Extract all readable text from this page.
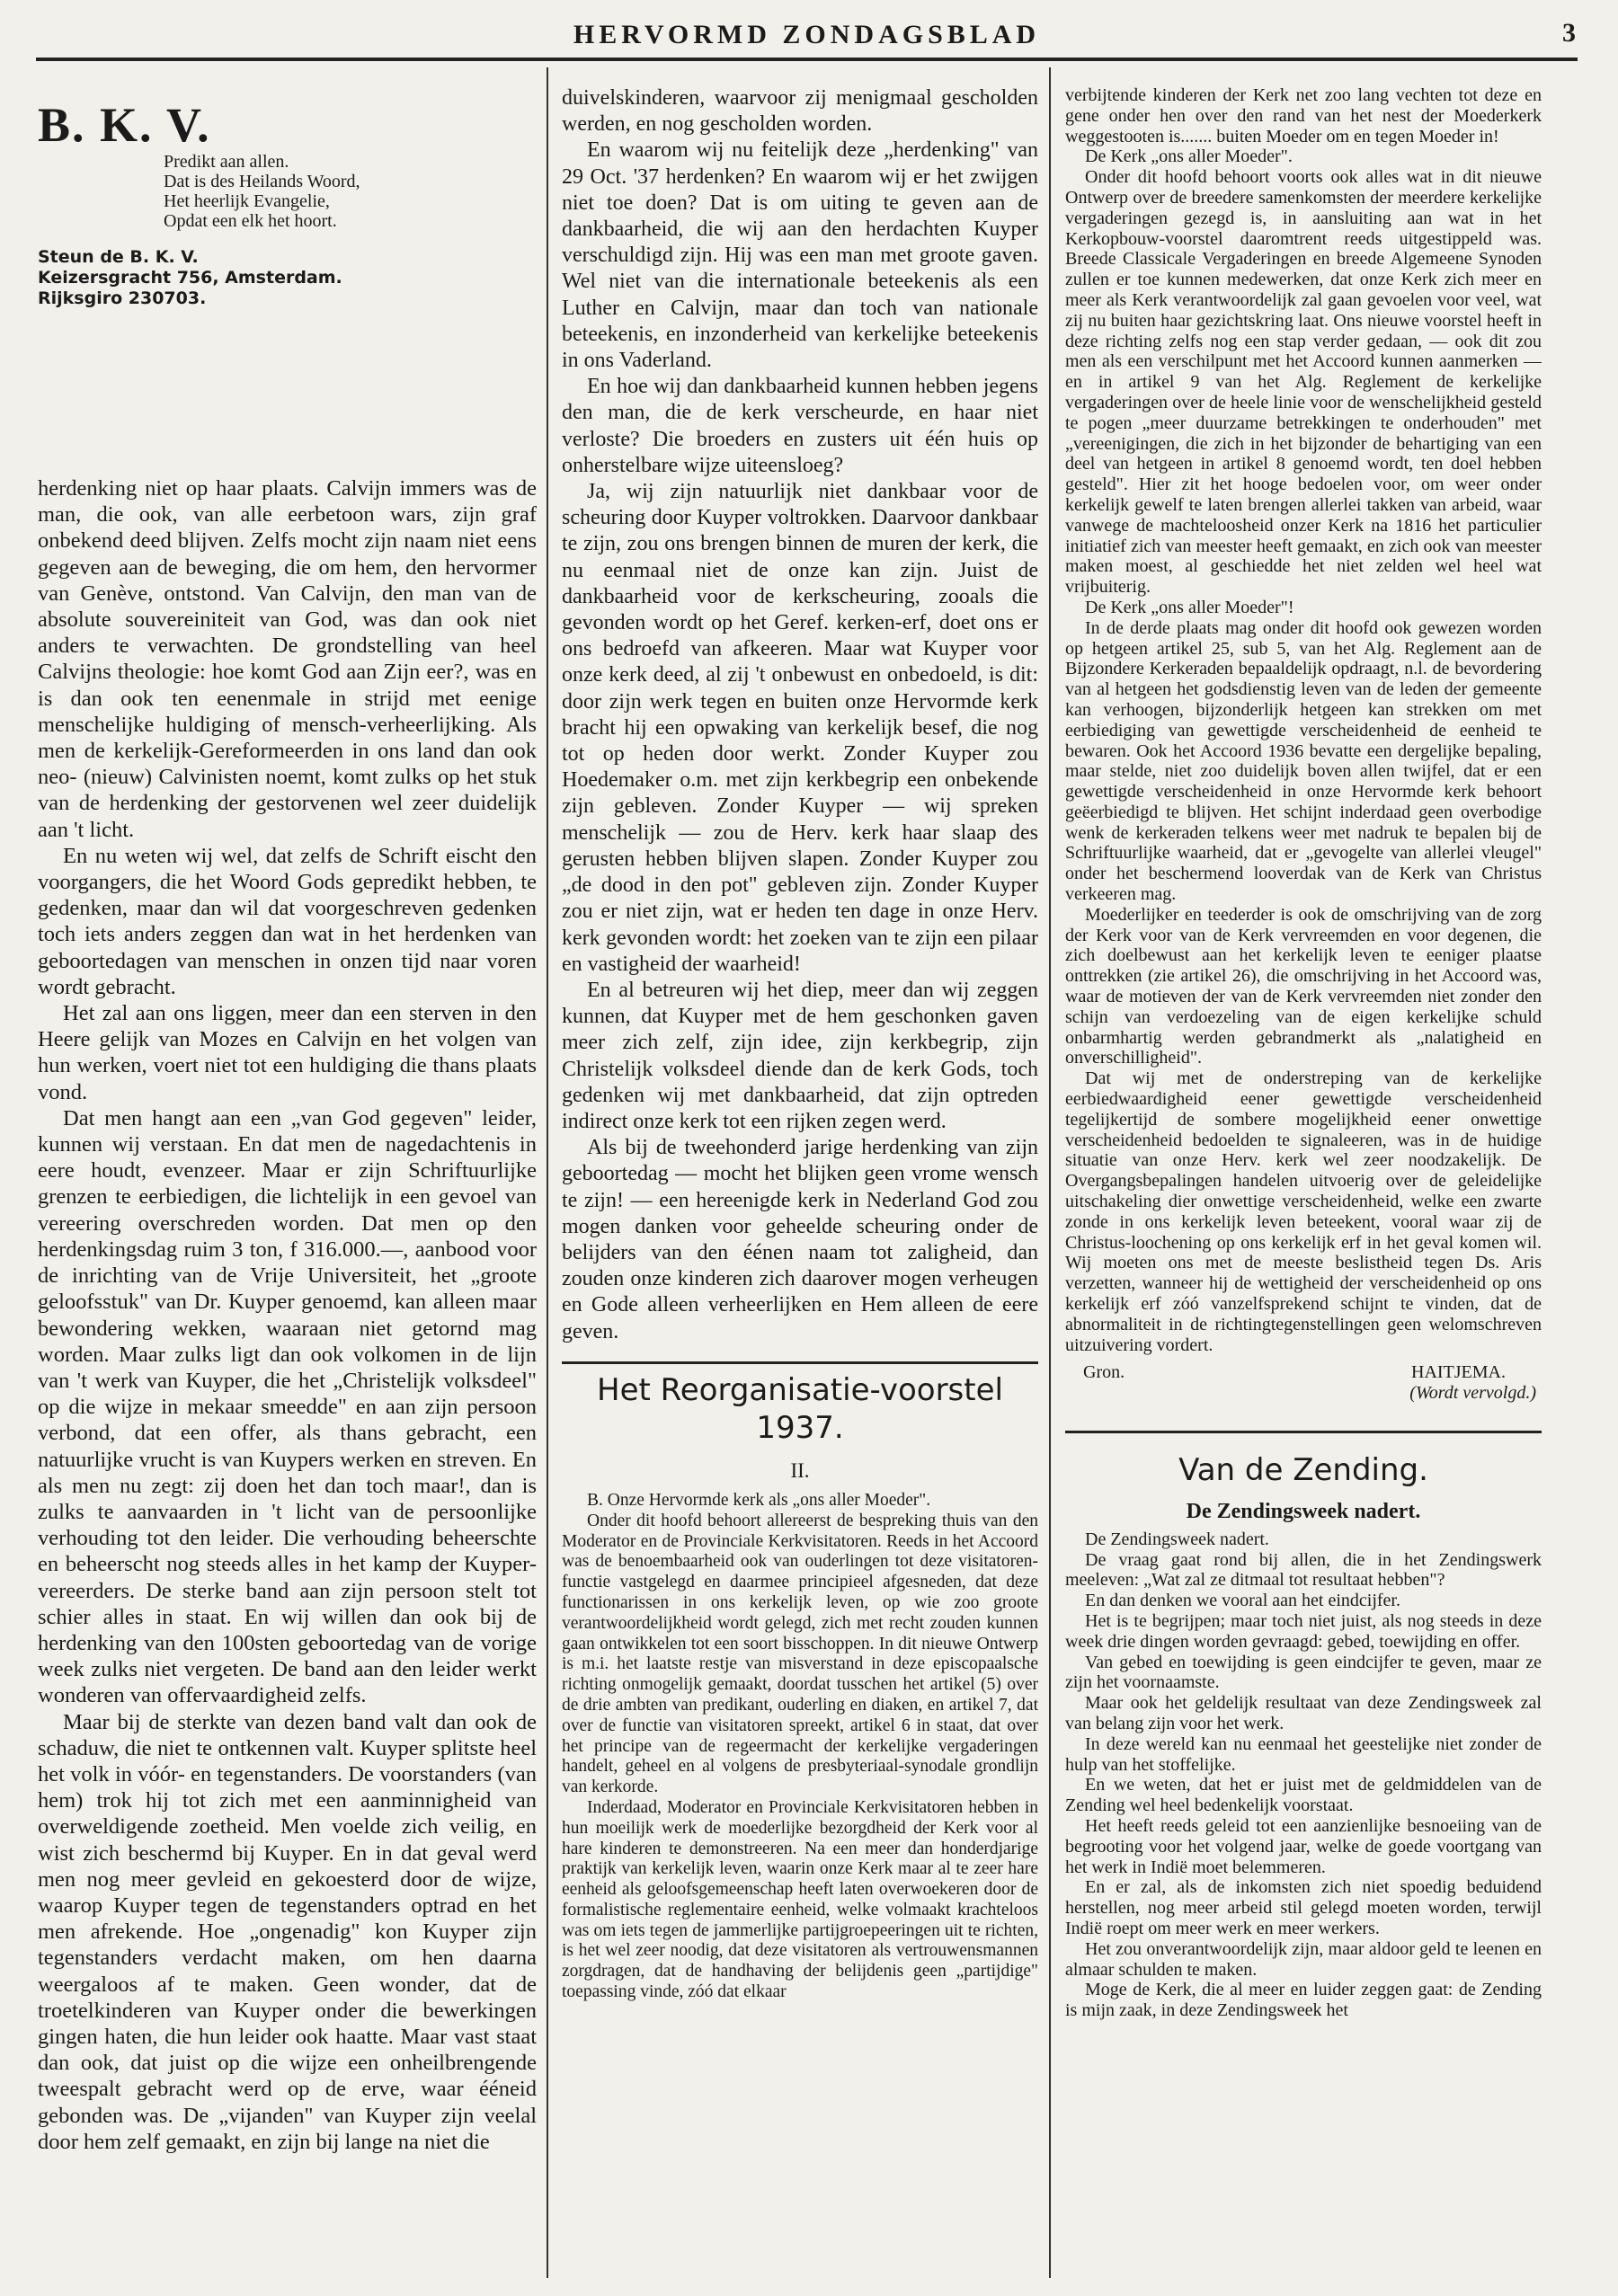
HERVORMD ZONDAGSBLAD	3
B. K. V.
Predikt aan allen.
Dat is des Heilands Woord,
Het heerlijk Evangelie,
Opdat een elk het hoort.
Steun de B. K. V.
Keizersgracht 756, Amsterdam.
Rijksgiro 230703.

herdenking niet op haar plaats. Calvijn immers was de man, die ook, van alle eerbetoon wars, zijn graf onbekend deed blijven. Zelfs mocht zijn naam niet eens gegeven aan de beweging, die om hem, den hervormer van Genève, ontstond. Van Calvijn, den man van de absolute souvereiniteit van God, was dan ook niet anders te verwachten. De grondstelling van heel Calvijns theologie: hoe komt God aan Zijn eer?, was en is dan ook ten eenenmale in strijd met eenige menschelijke huldiging of mensch-verheerlijking. Als men de kerkelijk-Gereformeerden in ons land dan ook neo- (nieuw) Calvinisten noemt, komt zulks op het stuk van de herdenking der gestorvenen wel zeer duidelijk aan 't licht.

En nu weten wij wel, dat zelfs de Schrift eischt den voorgangers, die het Woord Gods gepredikt hebben, te gedenken, maar dan wil dat voorgeschreven gedenken toch iets anders zeggen dan wat in het herdenken van geboortedagen van menschen in onzen tijd naar voren wordt gebracht.

Het zal aan ons liggen, meer dan een sterven in den Heere gelijk van Mozes en Calvijn en het volgen van hun werken, voert niet tot een huldiging die thans plaats vond.

Dat men hangt aan een „van God gegeven" leider, kunnen wij verstaan. En dat men de nagedachtenis in eere houdt, evenzeer. Maar er zijn Schriftuurlijke grenzen te eerbiedigen, die lichtelijk in een gevoel van vereering overschreden worden. Dat men op den herdenkingsdag ruim 3 ton, f 316.000.—, aanbood voor de inrichting van de Vrije Universiteit, het „groote geloofsstuk" van Dr. Kuyper genoemd, kan alleen maar bewondering wekken, waaraan niet getornd mag worden. Maar zulks ligt dan ook volkomen in de lijn van 't werk van Kuyper, die het „Christelijk volksdeel" op die wijze in mekaar smeedde" en aan zijn persoon verbond, dat een offer, als thans gebracht, een natuurlijke vrucht is van Kuypers werken en streven. En als men nu zegt: zij doen het dan toch maar!, dan is zulks te aanvaarden in 't licht van de persoonlijke verhouding tot den leider. Die verhouding beheerschte en beheerscht nog steeds alles in het kamp der Kuyper-vereerders. De sterke band aan zijn persoon stelt tot schier alles in staat. En wij willen dan ook bij de herdenking van den 100sten geboortedag van de vorige week zulks niet vergeten. De band aan den leider werkt wonderen van offervaardigheid zelfs.

Maar bij de sterkte van dezen band valt dan ook de schaduw, die niet te ontkennen valt. Kuyper splitste heel het volk in vóór- en tegenstanders. De voorstanders (van hem) trok hij tot zich met een aanminnigheid van overweldigende zoetheid. Men voelde zich veilig, en wist zich beschermd bij Kuyper. En in dat geval werd men nog meer gevleid en gekoesterd door de wijze, waarop Kuyper tegen de tegenstanders optrad en het men afrekende. Hoe „ongenadig" kon Kuyper zijn tegenstanders verdacht maken, om hen daarna weergaloos af te maken. Geen wonder, dat de troetelkinderen van Kuyper onder die bewerkingen gingen haten, die hun leider ook haatte. Maar vast staat dan ook, dat juist op die wijze een onheilbrengende tweespalt gebracht werd op de erve, waar ééneid gebonden was. De „vijanden" van Kuyper zijn veelal door hem zelf gemaakt, en zijn bij lange na niet die

duivelskinderen, waarvoor zij menigmaal gescholden werden, en nog gescholden worden.

En waarom wij nu feitelijk deze „herdenking" van 29 Oct. '37 herdenken? En waarom wij er het zwijgen niet toe doen? Dat is om uiting te geven aan de dankbaarheid, die wij aan den herdachten Kuyper verschuldigd zijn. Hij was een man met groote gaven. Wel niet van die internationale beteekenis als een Luther en Calvijn, maar dan toch van nationale beteekenis, en inzonderheid van kerkelijke beteekenis in ons Vaderland.

En hoe wij dan dankbaarheid kunnen hebben jegens den man, die de kerk verscheurde, en haar niet verloste? Die broeders en zusters uit één huis op onherstelbare wijze uiteensloeg?

Ja, wij zijn natuurlijk niet dankbaar voor de scheuring door Kuyper voltrokken. Daarvoor dankbaar te zijn, zou ons brengen binnen de muren der kerk, die nu eenmaal niet de onze kan zijn. Juist de dankbaarheid voor de kerkscheuring, zooals die gevonden wordt op het Geref. kerken-erf, doet ons er ons bedroefd van afkeeren. Maar wat Kuyper voor onze kerk deed, al zij 't onbewust en onbedoeld, is dit: door zijn werk tegen en buiten onze Hervormde kerk bracht hij een opwaking van kerkelijk besef, die nog tot op heden door werkt. Zonder Kuyper zou Hoedemaker o.m. met zijn kerkbegrip een onbekende zijn gebleven. Zonder Kuyper — wij spreken menschelijk — zou de Herv. kerk haar slaap des gerusten hebben blijven slapen. Zonder Kuyper zou „de dood in den pot" gebleven zijn. Zonder Kuyper zou er niet zijn, wat er heden ten dage in onze Herv. kerk gevonden wordt: het zoeken van te zijn een pilaar en vastigheid der waarheid!

En al betreuren wij het diep, meer dan wij zeggen kunnen, dat Kuyper met de hem geschonken gaven meer zich zelf, zijn idee, zijn kerkbegrip, zijn Christelijk volksdeel diende dan de kerk Gods, toch gedenken wij met dankbaarheid, dat zijn optreden indirect onze kerk tot een rijken zegen werd.

Als bij de tweehonderd jarige herdenking van zijn geboortedag — mocht het blijken geen vrome wensch te zijn! — een hereenigde kerk in Nederland God zou mogen danken voor geheelde scheuring onder de belijders van den éénen naam tot zaligheid, dan zouden onze kinderen zich daarover mogen verheugen en Gode alleen verheerlijken en Hem alleen de eere geven.

Het Reorganisatie-voorstel 1937.
II.

B. Onze Hervormde kerk als „ons aller Moeder".

Onder dit hoofd behoort allereerst de bespreking thuis van den Moderator en de Provinciale Kerkvisitatoren. Reeds in het Accoord was de benoembaarheid ook van ouderlingen tot deze visitatoren-functie vastgelegd en daarmee principieel afgesneden, dat deze functionarissen in ons kerkelijk leven, op wie zoo groote verantwoordelijkheid wordt gelegd, zich met recht zouden kunnen gaan ontwikkelen tot een soort bisschoppen. In dit nieuwe Ontwerp is m.i. het laatste restje van misverstand in deze episcopaalsche richting onmogelijk gemaakt, doordat tusschen het artikel (5) over de drie ambten van predikant, ouderling en diaken, en artikel 7, dat over de functie van visitatoren spreekt, artikel 6 in staat, dat over het principe van de regeermacht der kerkelijke vergaderingen handelt, geheel en al volgens de presbyteriaal-synodale grondlijn van kerkorde.

Inderdaad, Moderator en Provinciale Kerkvisitatoren hebben in hun moeilijk werk de moederlijke bezorgdheid der Kerk voor al hare kinderen te demonstreeren. Na een meer dan honderdjarige praktijk van kerkelijk leven, waarin onze Kerk maar al te zeer hare eenheid als geloofsgemeenschap heeft laten overwoekeren door de formalistische reglementaire eenheid, welke volmaakt krachteloos was om iets tegen de jammerlijke partijgroepeeringen uit te richten, is het wel zeer noodig, dat deze visitatoren als vertrouwensmannen zorgdragen, dat de handhaving der belijdenis geen „partijdige" toepassing vinde, zóó dat elkaar

verbijtende kinderen der Kerk net zoo lang vechten tot deze en gene onder hen over den rand van het nest der Moederkerk weggestooten is....... buiten Moeder om en tegen Moeder in!

De Kerk „ons aller Moeder".

Onder dit hoofd behoort voorts ook alles wat in dit nieuwe Ontwerp over de breedere samenkomsten der meerdere kerkelijke vergaderingen gezegd is, in aansluiting aan wat in het Kerkopbouw-voorstel daaromtrent reeds uitgestippeld was. Breede Classicale Vergaderingen en breede Algemeene Synoden zullen er toe kunnen medewerken, dat onze Kerk zich meer en meer als Kerk verantwoordelijk zal gaan gevoelen voor veel, wat zij nu buiten haar gezichtskring laat. Ons nieuwe voorstel heeft in deze richting zelfs nog een stap verder gedaan, — ook dit zou men als een verschilpunt met het Accoord kunnen aanmerken — en in artikel 9 van het Alg. Reglement de kerkelijke vergaderingen over de heele linie voor de wenschelijkheid gesteld te pogen „meer duurzame betrekkingen te onderhouden" met „vereenigingen, die zich in het bijzonder de behartiging van een deel van hetgeen in artikel 8 genoemd wordt, ten doel hebben gesteld". Hier zit het hooge bedoelen voor, om weer onder kerkelijk gewelf te laten brengen allerlei takken van arbeid, waar vanwege de machteloosheid onzer Kerk na 1816 het particulier initiatief zich van meester heeft gemaakt, en zich ook van meester maken moest, al geschiedde het niet zelden wel heel wat vrijbuiterig.

De Kerk „ons aller Moeder"!

In de derde plaats mag onder dit hoofd ook gewezen worden op hetgeen artikel 25, sub 5, van het Alg. Reglement aan de Bijzondere Kerkeraden bepaaldelijk opdraagt, n.l. de bevordering van al hetgeen het godsdienstig leven van de leden der gemeente kan verhoogen, bijzonderlijk hetgeen kan strekken om met eerbiediging van gewettigde verscheidenheid de eenheid te bewaren. Ook het Accoord 1936 bevatte een dergelijke bepaling, maar stelde, niet zoo duidelijk boven allen twijfel, dat er een gewettigde verscheidenheid in onze Hervormde kerk behoort geëerbiedigd te blijven. Het schijnt inderdaad geen overbodige wenk de kerkeraden telkens weer met nadruk te bepalen bij de Schriftuurlijke waarheid, dat er „gevogelte van allerlei vleugel" onder het beschermend looverdak van de Kerk van Christus verkeeren mag.

Moederlijker en teederder is ook de omschrijving van de zorg der Kerk voor van de Kerk vervreemden en voor degenen, die zich doelbewust aan het kerkelijk leven te eeniger plaatse onttrekken (zie artikel 26), die omschrijving in het Accoord was, waar de motieven der van de Kerk vervreemden niet zonder den schijn van verdoezeling van de eigen kerkelijke schuld onbarmhartig werden gebrandmerkt als „nalatigheid en onverschilligheid".

Dat wij met de onderstreping van de kerkelijke eerbiedwaardigheid eener gewettigde verscheidenheid tegelijkertijd de sombere mogelijkheid eener onwettige verscheidenheid bedoelden te signaleeren, was in de huidige situatie van onze Herv. kerk wel zeer noodzakelijk. De Overgangsbepalingen handelen uitvoerig over de geleidelijke uitschakeling dier onwettige verscheidenheid, welke een zwarte zonde in ons kerkelijk leven beteekent, vooral waar zij de Christus-loochening op ons kerkelijk erf in het geval komen wil. Wij moeten ons met de meeste beslistheid tegen Ds. Aris verzetten, wanneer hij de wettigheid der verscheidenheid op ons kerkelijk erf zóó vanzelfsprekend schijnt te vinden, dat de abnormaliteit in de richtingtegenstellingen geen welomschreven uitzuivering vordert.

Gron.	HAITJEMA.
(Wordt vervolgd.)
Van de Zending.
De Zendingsweek nadert.

De Zendingsweek nadert.

De vraag gaat rond bij allen, die in het Zendingswerk meeleven: „Wat zal ze ditmaal tot resultaat hebben"?

En dan denken we vooral aan het eindcijfer.

Het is te begrijpen; maar toch niet juist, als nog steeds in deze week drie dingen worden gevraagd: gebed, toewijding en offer.

Van gebed en toewijding is geen eindcijfer te geven, maar ze zijn het voornaamste.

Maar ook het geldelijk resultaat van deze Zendingsweek zal van belang zijn voor het werk.

In deze wereld kan nu eenmaal het geestelijke niet zonder de hulp van het stoffelijke.

En we weten, dat het er juist met de geldmiddelen van de Zending wel heel bedenkelijk voorstaat.

Het heeft reeds geleid tot een aanzienlijke besnoeiing van de begrooting voor het volgend jaar, welke de goede voortgang van het werk in Indië moet belemmeren.

En er zal, als de inkomsten zich niet spoedig beduidend herstellen, nog meer arbeid stil gelegd moeten worden, terwijl Indië roept om meer werk en meer werkers.

Het zou onverantwoordelijk zijn, maar aldoor geld te leenen en almaar schulden te maken.

Moge de Kerk, die al meer en luider zeggen gaat: de Zending is mijn zaak, in deze Zendingsweek het
